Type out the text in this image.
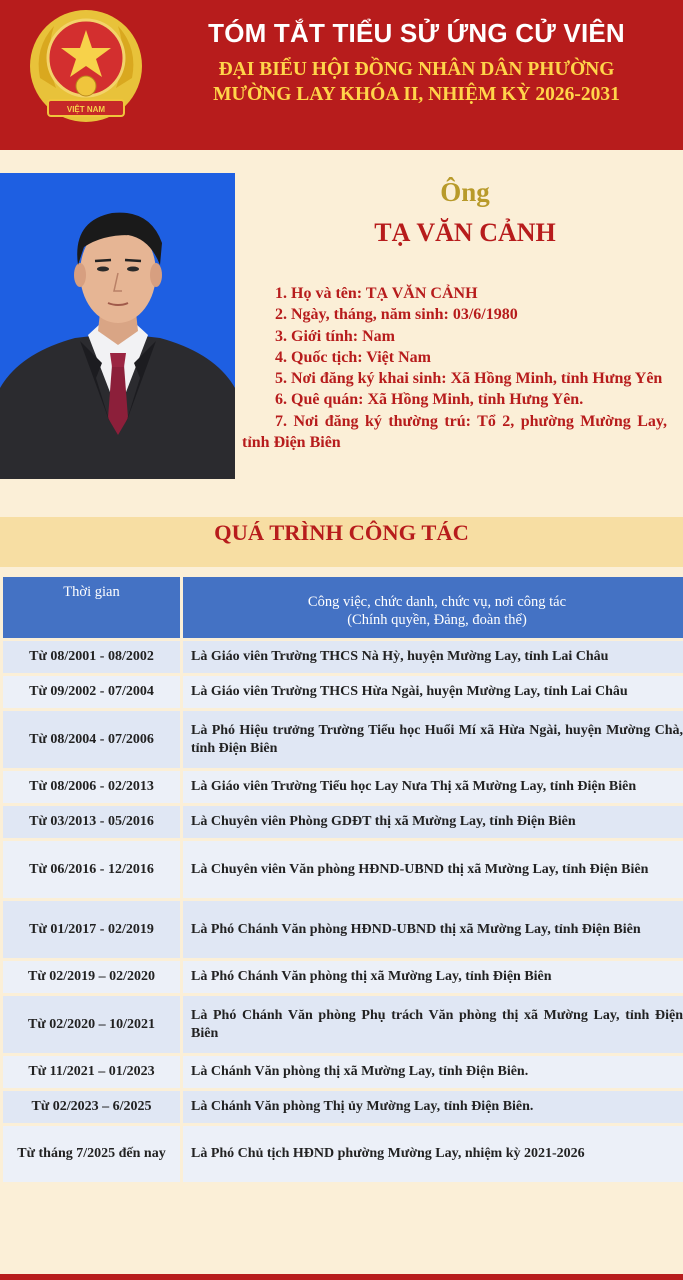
VIỆT NAM
TÓM TẮT TIỂU SỬ ỨNG CỬ VIÊN
ĐẠI BIỂU HỘI ĐỒNG NHÂN DÂN PHƯỜNG
MƯỜNG LAY KHÓA II, NHIỆM KỲ 2026-2031
Ông
TẠ VĂN CẢNH

1. Họ và tên: TẠ VĂN CẢNH

2. Ngày, tháng, năm sinh: 03/6/1980

3. Giới tính: Nam

4. Quốc tịch: Việt Nam

5. Nơi đăng ký khai sinh: Xã Hồng Minh, tỉnh Hưng Yên

6. Quê quán: Xã Hồng Minh, tỉnh Hưng Yên.

7. Nơi đăng ký thường trú: Tổ 2, phường Mường Lay, tỉnh Điện Biên

QUÁ TRÌNH CÔNG TÁC
Thời gian
Công việc, chức danh, chức vụ, nơi công tác
(Chính quyền, Đảng, đoàn thể)
Từ 08/2001 - 08/2002	Là Giáo viên Trường THCS Nà Hỳ, huyện Mường Lay, tỉnh Lai Châu
Từ 09/2002 - 07/2004	Là Giáo viên Trường THCS Hừa Ngài, huyện Mường Lay, tỉnh Lai Châu
Từ 08/2004 - 07/2006
Là Phó Hiệu trưởng Trường Tiểu học Huổi Mí xã Hừa Ngài, huyện Mường Chà, tỉnh Điện Biên
Từ 08/2006 - 02/2013	Là Giáo viên Trường Tiểu học Lay Nưa Thị xã Mường Lay, tỉnh Điện Biên
Từ 03/2013 - 05/2016	Là Chuyên viên Phòng GDĐT thị xã Mường Lay, tỉnh Điện Biên
Từ 06/2016 - 12/2016	Là Chuyên viên Văn phòng HĐND-UBND thị xã Mường Lay, tỉnh Điện Biên
Từ 01/2017 - 02/2019	Là Phó Chánh Văn phòng HĐND-UBND thị xã Mường Lay, tỉnh Điện Biên
Từ 02/2019 – 02/2020	Là Phó Chánh Văn phòng thị xã Mường Lay, tỉnh Điện Biên
Từ 02/2020 – 10/2021
Là Phó Chánh Văn phòng Phụ trách Văn phòng thị xã Mường Lay, tỉnh Điện Biên
Từ 11/2021 – 01/2023	Là Chánh Văn phòng thị xã Mường Lay, tỉnh Điện Biên.
Từ 02/2023 – 6/2025	Là Chánh Văn phòng Thị ủy Mường Lay, tỉnh Điện Biên.
Từ tháng 7/2025 đến nay	Là Phó Chủ tịch HĐND phường Mường Lay, nhiệm kỳ 2021-2026
